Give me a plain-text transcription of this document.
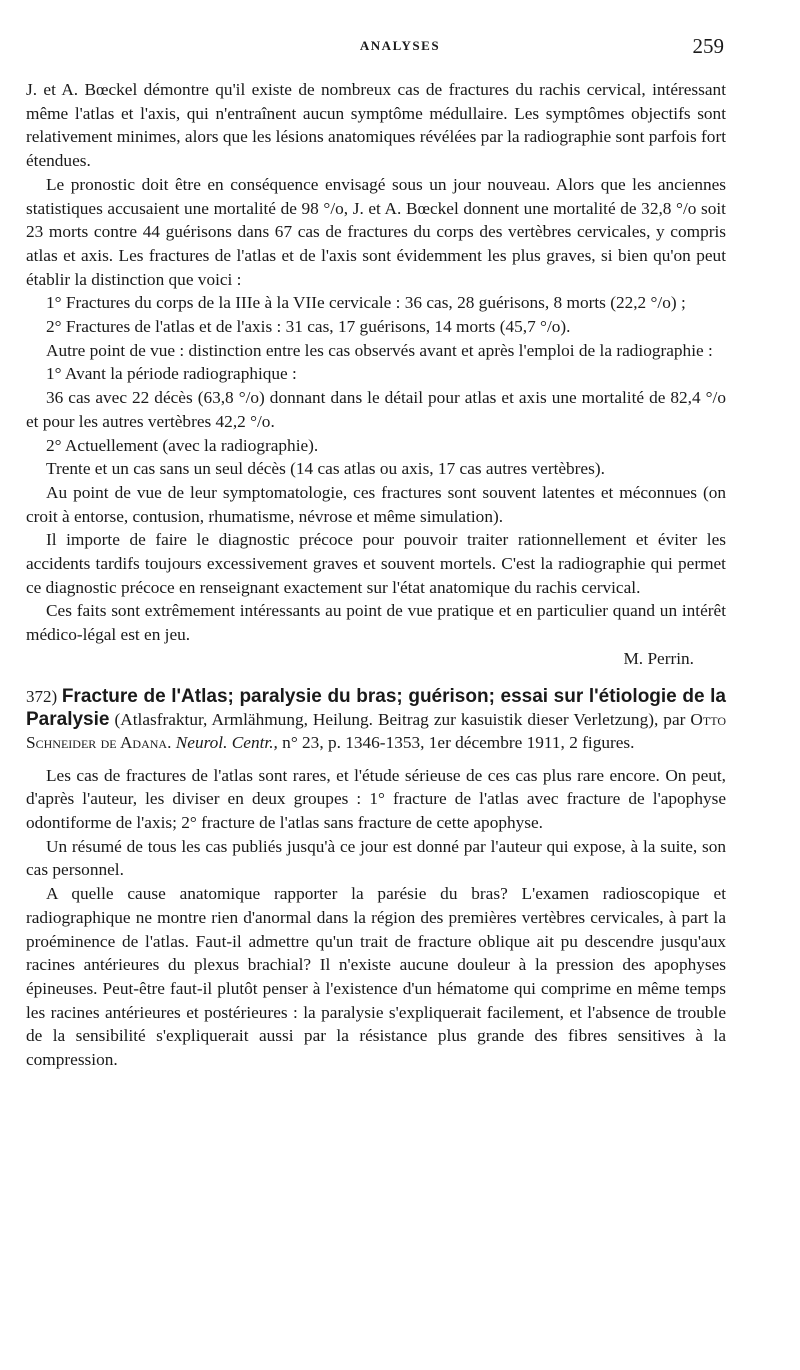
ANALYSES	259

J. et A. Bœckel démontre qu'il existe de nombreux cas de fractures du rachis cervical, intéressant même l'atlas et l'axis, qui n'entraînent aucun symptôme médullaire. Les symptômes objectifs sont relativement minimes, alors que les lésions anatomiques révélées par la radiographie sont parfois fort étendues.

Le pronostic doit être en conséquence envisagé sous un jour nouveau. Alors que les anciennes statistiques accusaient une mortalité de 98 °/o, J. et A. Bœckel donnent une mortalité de 32,8 °/o soit 23 morts contre 44 guérisons dans 67 cas de fractures du corps des vertèbres cervicales, y compris atlas et axis. Les fractures de l'atlas et de l'axis sont évidemment les plus graves, si bien qu'on peut établir la distinction que voici :

1° Fractures du corps de la IIIe à la VIIe cervicale : 36 cas, 28 guérisons, 8 morts (22,2 °/o) ;

2° Fractures de l'atlas et de l'axis : 31 cas, 17 guérisons, 14 morts (45,7 °/o).

Autre point de vue : distinction entre les cas observés avant et après l'emploi de la radiographie :

1° Avant la période radiographique :

36 cas avec 22 décès (63,8 °/o) donnant dans le détail pour atlas et axis une mortalité de 82,4 °/o et pour les autres vertèbres 42,2 °/o.

2° Actuellement (avec la radiographie).

Trente et un cas sans un seul décès (14 cas atlas ou axis, 17 cas autres vertèbres).

Au point de vue de leur symptomatologie, ces fractures sont souvent latentes et méconnues (on croit à entorse, contusion, rhumatisme, névrose et même simulation).

Il importe de faire le diagnostic précoce pour pouvoir traiter rationnellement et éviter les accidents tardifs toujours excessivement graves et souvent mortels. C'est la radiographie qui permet ce diagnostic précoce en renseignant exactement sur l'état anatomique du rachis cervical.

Ces faits sont extrêmement intéressants au point de vue pratique et en particulier quand un intérêt médico-légal est en jeu.

M. Perrin.

372) Fracture de l'Atlas; paralysie du bras; guérison; essai sur l'étiologie de la Paralysie (Atlasfraktur, Armlähmung, Heilung. Beitrag zur kasuistik dieser Verletzung), par Otto Schneider de Adana. Neurol. Centr., n° 23, p. 1346-1353, 1er décembre 1911, 2 figures.

Les cas de fractures de l'atlas sont rares, et l'étude sérieuse de ces cas plus rare encore. On peut, d'après l'auteur, les diviser en deux groupes : 1° fracture de l'atlas avec fracture de l'apophyse odontiforme de l'axis; 2° fracture de l'atlas sans fracture de cette apophyse.

Un résumé de tous les cas publiés jusqu'à ce jour est donné par l'auteur qui expose, à la suite, son cas personnel.

A quelle cause anatomique rapporter la parésie du bras? L'examen radioscopique et radiographique ne montre rien d'anormal dans la région des premières vertèbres cervicales, à part la proéminence de l'atlas. Faut-il admettre qu'un trait de fracture oblique ait pu descendre jusqu'aux racines antérieures du plexus brachial? Il n'existe aucune douleur à la pression des apophyses épineuses. Peut-être faut-il plutôt penser à l'existence d'un hématome qui comprime en même temps les racines antérieures et postérieures : la paralysie s'expliquerait facilement, et l'absence de trouble de la sensibilité s'expliquerait aussi par la résistance plus grande des fibres sensitives à la compression.
